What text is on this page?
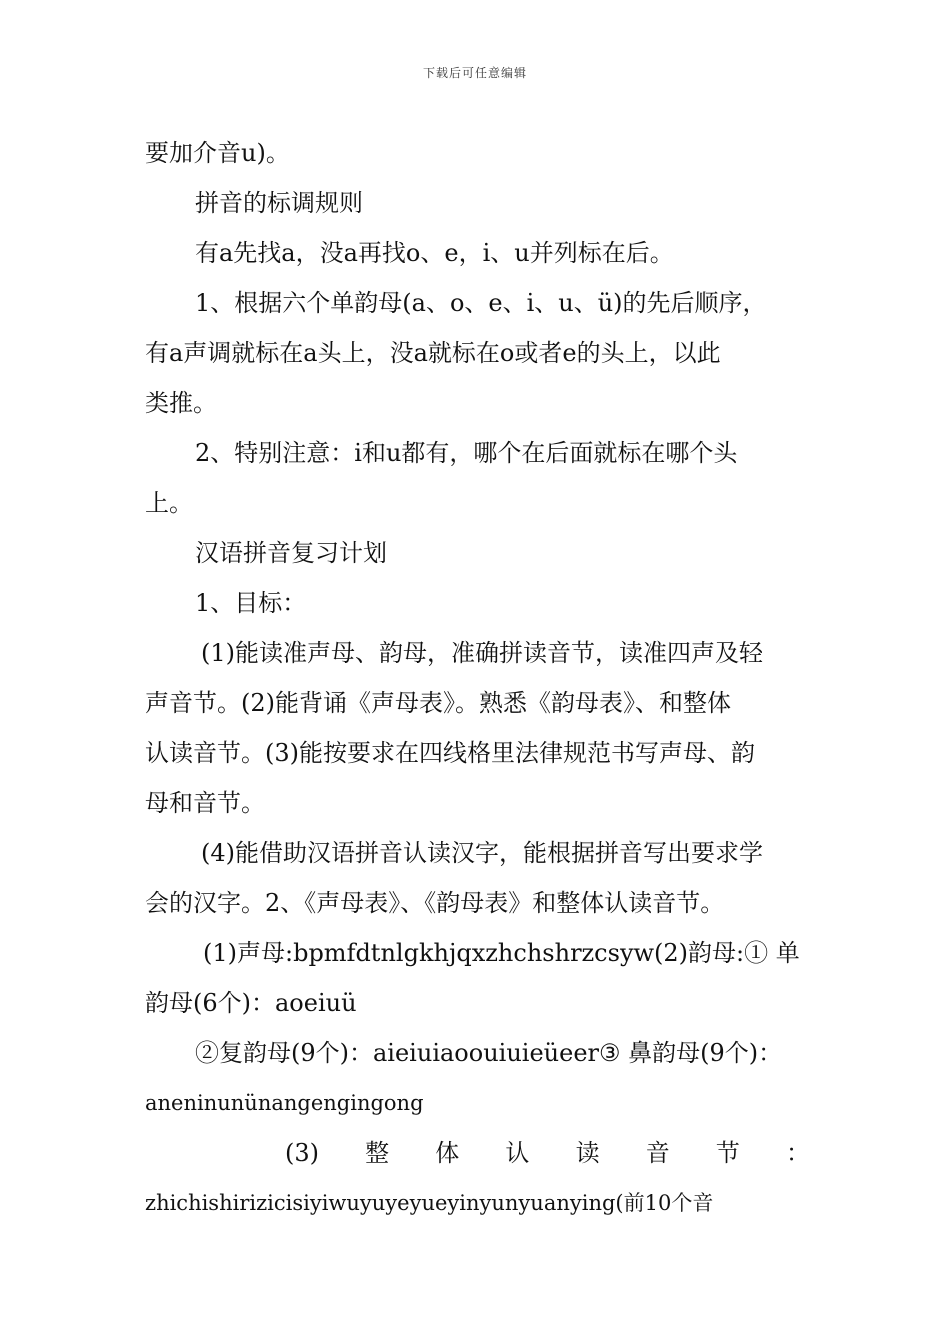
下载后可任意编辑
要加介音u)。
拼音的标调规则
有a先找a，没a再找o、e，i、u并列标在后。
1、根据六个单韵母(a、o、e、i、u、ü)的先后顺序，
有a声调就标在a头上，没a就标在o或者e的头上，以此
类推。
2、特别注意：i和u都有，哪个在后面就标在哪个头
上。
汉语拼音复习计划
1、目标：
(1)能读准声母、韵母，准确拼读音节，读准四声及轻
声音节。(2)能背诵《声母表》。熟悉《韵母表》、和整体
认读音节。(3)能按要求在四线格里法律规范书写声母、韵
母和音节。
(4)能借助汉语拼音认读汉字，能根据拼音写出要求学
会的汉字。2、《声母表》、《韵母表》和整体认读音节。
(1)声母:bpmfdtnlgkhjqxzhchshrzcsyw(2)韵母:① 单
韵母(6个)：aoeiuü
②复韵母(9个)：aieiuiaoouiuieüeer③ 鼻韵母(9个)：
aneninunünangengingong
(3) 整 体 认 读 音 节 ：
zhichishirizicisiyiwuyuyeyueyinyunyuanying(前10个音
